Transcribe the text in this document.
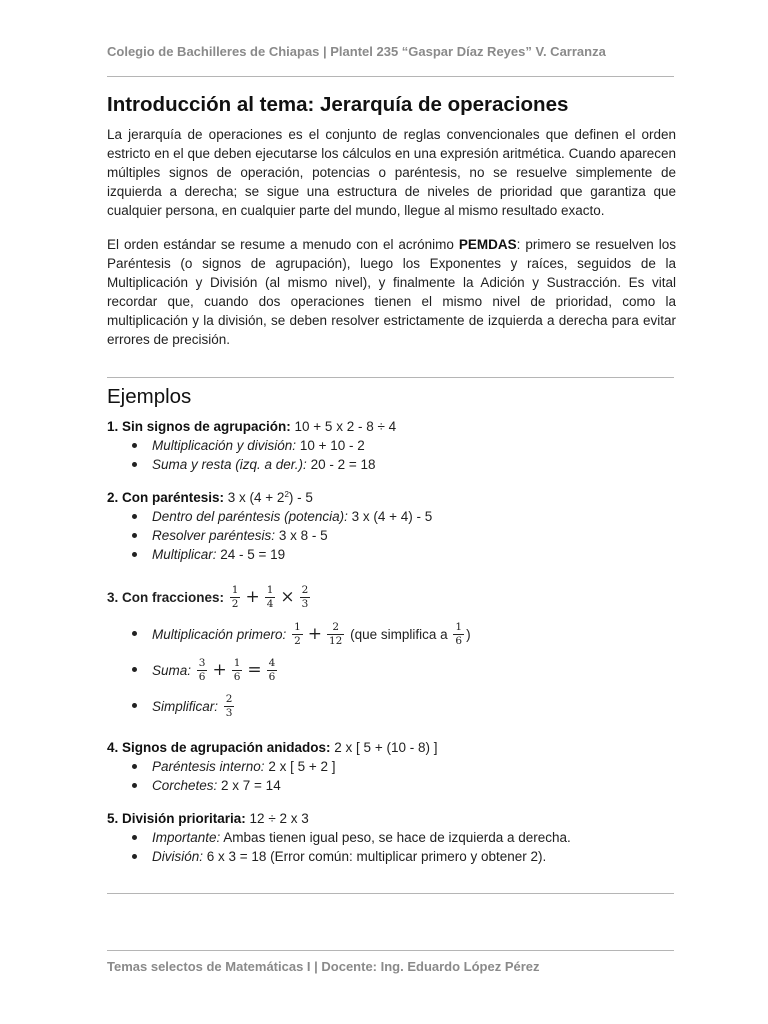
Colegio de Bachilleres de Chiapas | Plantel 235 “Gaspar Díaz Reyes” V. Carranza
Introducción al tema: Jerarquía de operaciones

La jerarquía de operaciones es el conjunto de reglas convencionales que definen el orden estricto en el que deben ejecutarse los cálculos en una expresión aritmética. Cuando aparecen múltiples signos de operación, potencias o paréntesis, no se resuelve simplemente de izquierda a derecha; se sigue una estructura de niveles de prioridad que garantiza que cualquier persona, en cualquier parte del mundo, llegue al mismo resultado exacto.

El orden estándar se resume a menudo con el acrónimo PEMDAS: primero se resuelven los Paréntesis (o signos de agrupación), luego los Exponentes y raíces, seguidos de la Multiplicación y División (al mismo nivel), y finalmente la Adición y Sustracción. Es vital recordar que, cuando dos operaciones tienen el mismo nivel de prioridad, como la multiplicación y la división, se deben resolver estrictamente de izquierda a derecha para evitar errores de precisión.

Ejemplos
1. Sin signos de agrupación: 10 + 5 x 2 - 8 ÷ 4
Multiplicación y división: 10 + 10 - 2
Suma y resta (izq. a der.): 20 - 2 = 18
2. Con paréntesis: 3 x $(4 + 2^2) - 5$
Dentro del paréntesis (potencia): 3 x (4 + 4) - 5
Resolver paréntesis: 3 x 8 - 5
Multiplicar: 24 - 5 = 19
3. Con fracciones:
$\frac{1}{2} + \frac{1}{4} \times \frac{2}{3}$
Multiplicación primero:
$\frac{1}{2} + \frac{2}{12} (que$ simplifica a $\frac{1}{6}$ )
Suma:
$\frac{3}{6} + \frac{1}{6} = \frac{4}{6}$
Simplificar:
$\frac{2}{3}$
4. Signos de agrupación anidados: 2 x [ 5 + (10 - 8) ]
Paréntesis interno: 2 x [ 5 + 2 ]
Corchetes: 2 x 7 = 14
5. División prioritaria: 12 ÷ 2 x 3
Importante: Ambas tienen igual peso, se hace de izquierda a derecha.
División: 6 x 3 = 18 (Error común: multiplicar primero y obtener 2).
Temas selectos de Matemáticas I | Docente: Ing. Eduardo López Pérez
